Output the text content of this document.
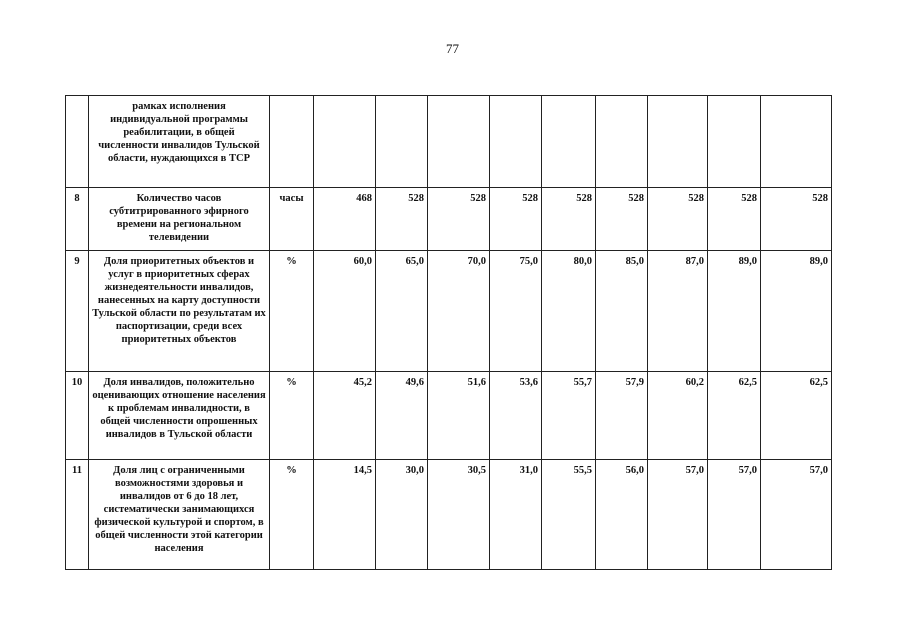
77
	рамках исполнения индивидуальной программы реабилитации, в общей численности инвалидов Тульской области, нуждающихся в ТСР										
8	Количество часов субтитрированного эфирного времени на региональном телевидении	часы	468	528	528	528	528	528	528	528	528
9	Доля приоритетных объектов и услуг в приоритетных сферах жизнедеятельности инвалидов, нанесенных на карту доступности Тульской области по результатам их паспортизации, среди всех приоритетных объектов	%	60,0	65,0	70,0	75,0	80,0	85,0	87,0	89,0	89,0
10	Доля инвалидов, положительно оценивающих отношение населения к проблемам инвалидности, в общей численности опрошенных инвалидов в Тульской области	%	45,2	49,6	51,6	53,6	55,7	57,9	60,2	62,5	62,5
11	Доля лиц с ограниченными возможностями здоровья и инвалидов от 6 до 18 лет, систематически занимающихся физической культурой и спортом, в общей численности этой категории населения	%	14,5	30,0	30,5	31,0	55,5	56,0	57,0	57,0	57,0
